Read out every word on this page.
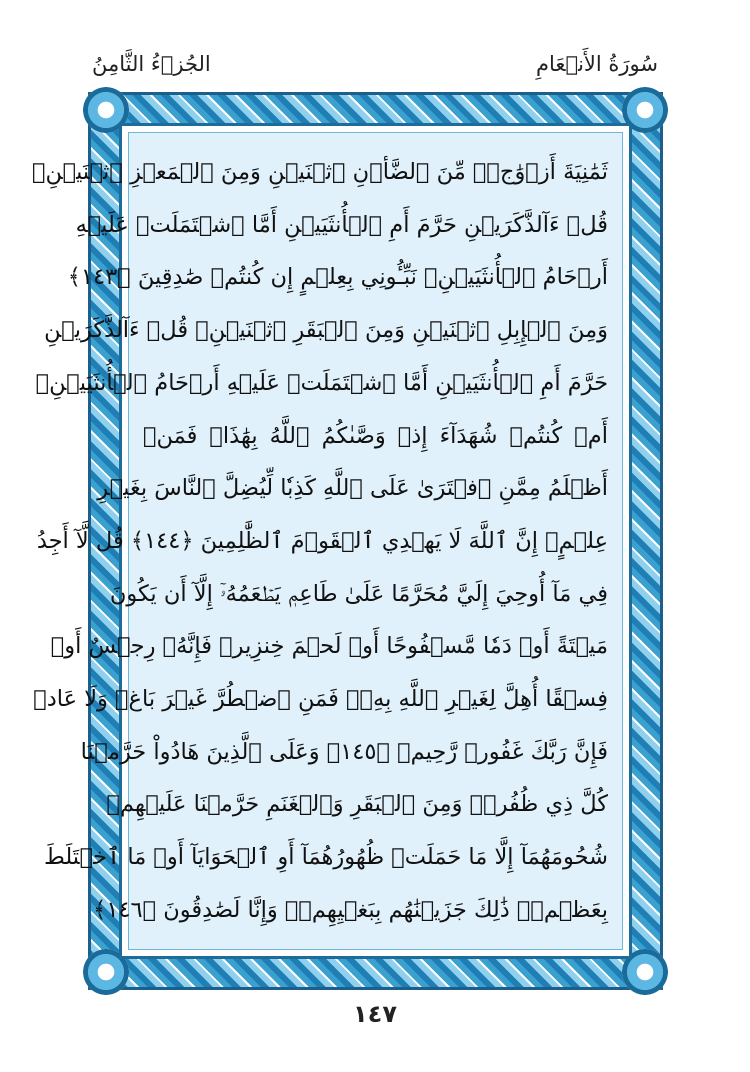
سُورَةُ الأَنۡعَامِ
الجُزۡءُ الثَّامِنُ
ثَمَٰنِيَةَ أَزۡوَٰجٖۖ مِّنَ ٱلضَّأۡنِ ٱثۡنَيۡنِ وَمِنَ ٱلۡمَعۡزِ ٱثۡنَيۡنِۗ
قُلۡ ءَآلذَّكَرَيۡنِ حَرَّمَ أَمِ ٱلۡأُنثَيَيۡنِ أَمَّا ٱشۡتَمَلَتۡ عَلَيۡهِ
أَرۡحَامُ ٱلۡأُنثَيَيۡنِۖ نَبِّـُٔونِي بِعِلۡمٍ إِن كُنتُمۡ صَٰدِقِينَ ﴿١٤٣﴾
وَمِنَ ٱلۡإِبِلِ ٱثۡنَيۡنِ وَمِنَ ٱلۡبَقَرِ ٱثۡنَيۡنِۗ قُلۡ ءَآلذَّكَرَيۡنِ
حَرَّمَ أَمِ ٱلۡأُنثَيَيۡنِ أَمَّا ٱشۡتَمَلَتۡ عَلَيۡهِ أَرۡحَامُ ٱلۡأُنثَيَيۡنِۖ
أَمۡ كُنتُمۡ شُهَدَآءَ إِذۡ وَصَّىٰكُمُ ٱللَّهُ بِهَٰذَاۚ فَمَنۡ
أَظۡلَمُ مِمَّنِ ٱفۡتَرَىٰ عَلَى ٱللَّهِ كَذِبٗا لِّيُضِلَّ ٱلنَّاسَ بِغَيۡرِ
عِلۡمٍۚ إِنَّ ٱللَّهَ لَا يَهۡدِي ٱلۡقَوۡمَ ٱلظَّٰلِمِينَ ﴿١٤٤﴾ قُل لَّآ أَجِدُ
فِي مَآ أُوحِيَ إِلَيَّ مُحَرَّمًا عَلَىٰ طَاعِمٖ يَطۡعَمُهُۥٓ إِلَّآ أَن يَكُونَ
مَيۡتَةً أَوۡ دَمٗا مَّسۡفُوحًا أَوۡ لَحۡمَ خِنزِيرٖ فَإِنَّهُۥ رِجۡسٌ أَوۡ
فِسۡقًا أُهِلَّ لِغَيۡرِ ٱللَّهِ بِهِۦۚ فَمَنِ ٱضۡطُرَّ غَيۡرَ بَاغٖ وَلَا عَادٖ
فَإِنَّ رَبَّكَ غَفُورٞ رَّحِيمٞ ﴿١٤٥﴾ وَعَلَى ٱلَّذِينَ هَادُواْ حَرَّمۡنَا
كُلَّ ذِي ظُفُرٖۖ وَمِنَ ٱلۡبَقَرِ وَٱلۡغَنَمِ حَرَّمۡنَا عَلَيۡهِمۡ
شُحُومَهُمَآ إِلَّا مَا حَمَلَتۡ ظُهُورُهُمَآ أَوِ ٱلۡحَوَايَآ أَوۡ مَا ٱخۡتَلَطَ
بِعَظۡمٖۚ ذَٰلِكَ جَزَيۡنَٰهُم بِبَغۡيِهِمۡۖ وَإِنَّا لَصَٰدِقُونَ ﴿١٤٦﴾
١٤٧
